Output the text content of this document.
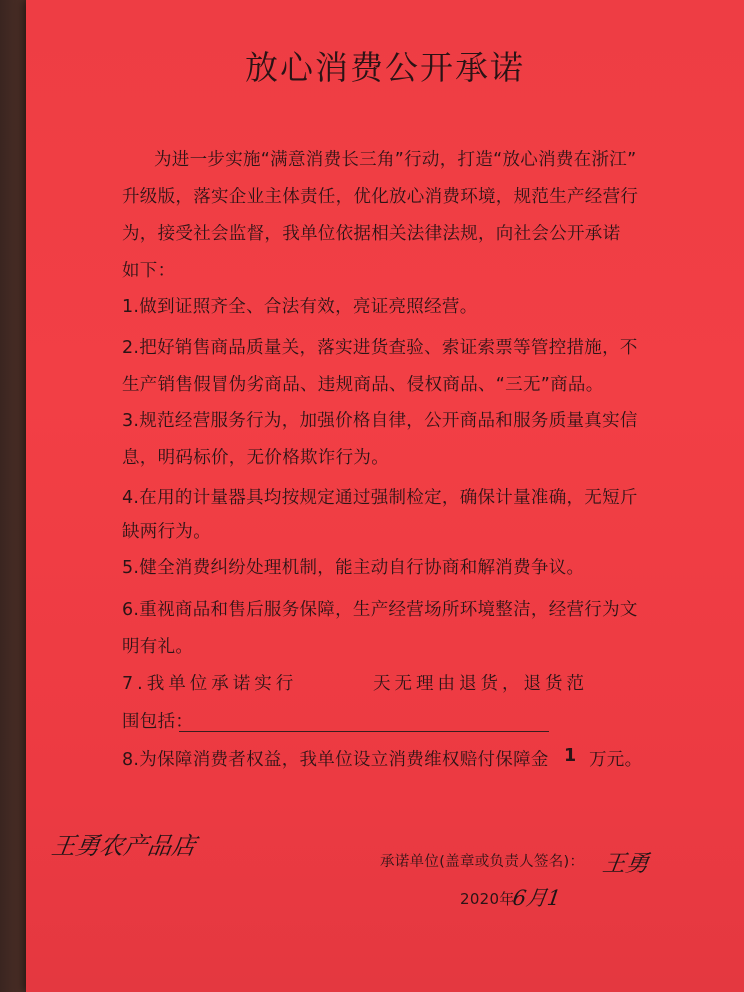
放心消费公开承诺
为进一步实施“满意消费长三角”行动，打造“放心消费在浙江”
升级版，落实企业主体责任，优化放心消费环境，规范生产经营行
为，接受社会监督，我单位依据相关法律法规，向社会公开承诺
如下：
1.做到证照齐全、合法有效，亮证亮照经营。
2.把好销售商品质量关，落实进货查验、索证索票等管控措施，不
生产销售假冒伪劣商品、违规商品、侵权商品、“三无”商品。
3.规范经营服务行为，加强价格自律，公开商品和服务质量真实信
息，明码标价，无价格欺诈行为。
4.在用的计量器具均按规定通过强制检定，确保计量准确，无短斤
缺两行为。
5.健全消费纠纷处理机制，能主动自行协商和解消费争议。
6.重视商品和售后服务保障，生产经营场所环境整洁，经营行为文
明有礼。
7.我单位承诺实行	天无理由退货，退货范
围包括：
8.为保障消费者权益，我单位设立消费维权赔付保障金 1 万元。
王勇农产品店
承诺单位(盖章或负责人签名)： 王勇
2020年
6月1
